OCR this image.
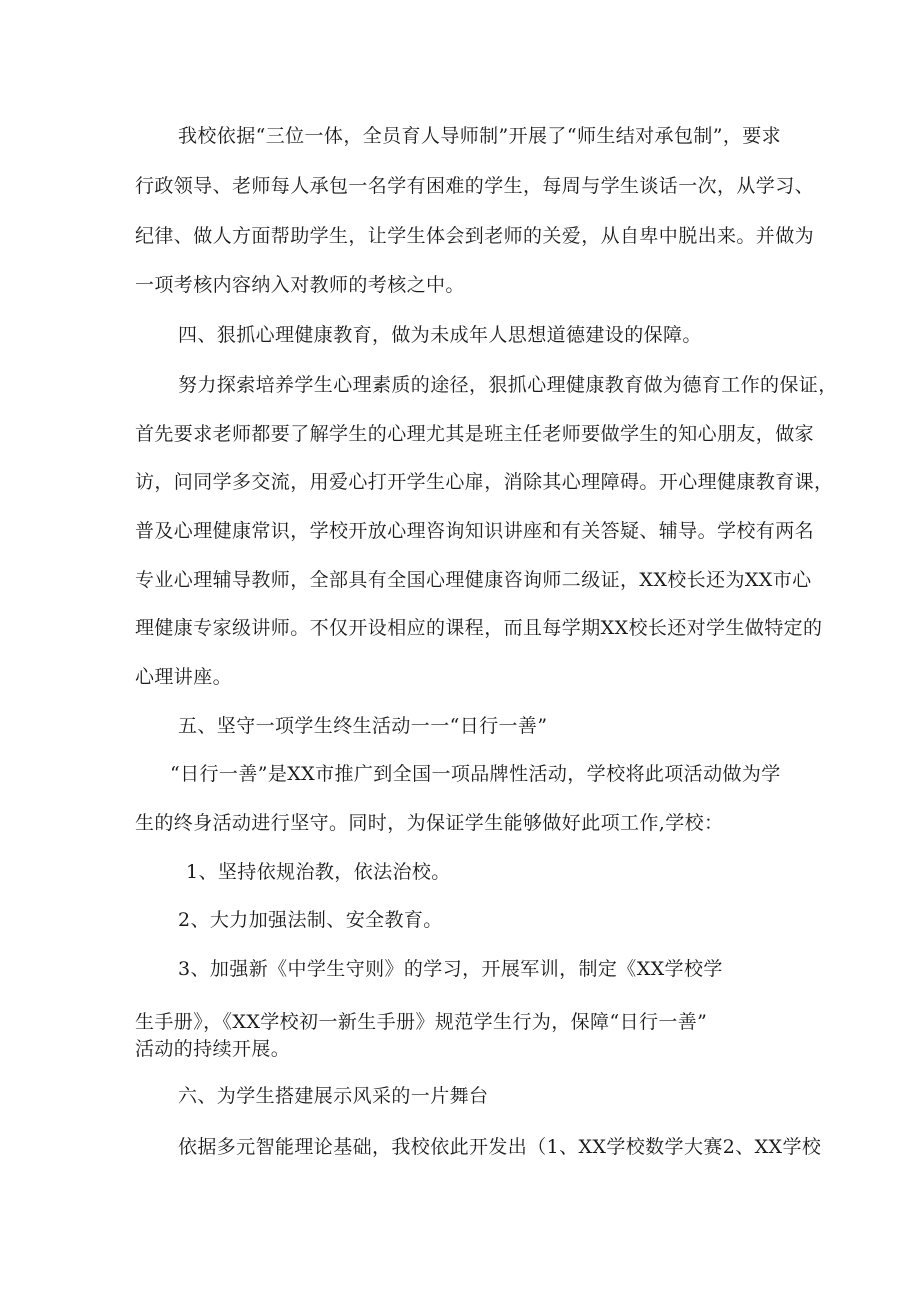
我校依据“三位一体，全员育人导师制”开展了“师生结对承包制”，要求
行政领导、老师每人承包一名学有困难的学生，每周与学生谈话一次，从学习、
纪律、做人方面帮助学生，让学生体会到老师的关爱，从自卑中脱出来。并做为
一项考核内容纳入对教师的考核之中。
四、狠抓心理健康教育，做为未成年人思想道德建设的保障。
努力探索培养学生心理素质的途径，狠抓心理健康教育做为德育工作的保证，
首先要求老师都要了解学生的心理尤其是班主任老师要做学生的知心朋友，做家
访，问同学多交流，用爱心打开学生心扉，消除其心理障碍。开心理健康教育课，
普及心理健康常识，学校开放心理咨询知识讲座和有关答疑、辅导。学校有两名
专业心理辅导教师，全部具有全国心理健康咨询师二级证，XX校长还为XX市心
理健康专家级讲师。不仅开设相应的课程，而且每学期XX校长还对学生做特定的
心理讲座。
五、坚守一项学生终生活动一一“日行一善”
“日行一善”是XX市推广到全国一项品牌性活动，学校将此项活动做为学
生的终身活动进行坚守。同时，为保证学生能够做好此项工作,学校：
1、坚持依规治教，依法治校。
2、大力加强法制、安全教育。
3、加强新《中学生守则》的学习，开展军训，制定《XX学校学
生手册》，《XX学校初一新生手册》规范学生行为，保障“日行一善”
活动的持续开展。
六、为学生搭建展示风采的一片舞台
依据多元智能理论基础，我校依此开发出（1、XX学校数学大赛2、XX学校
